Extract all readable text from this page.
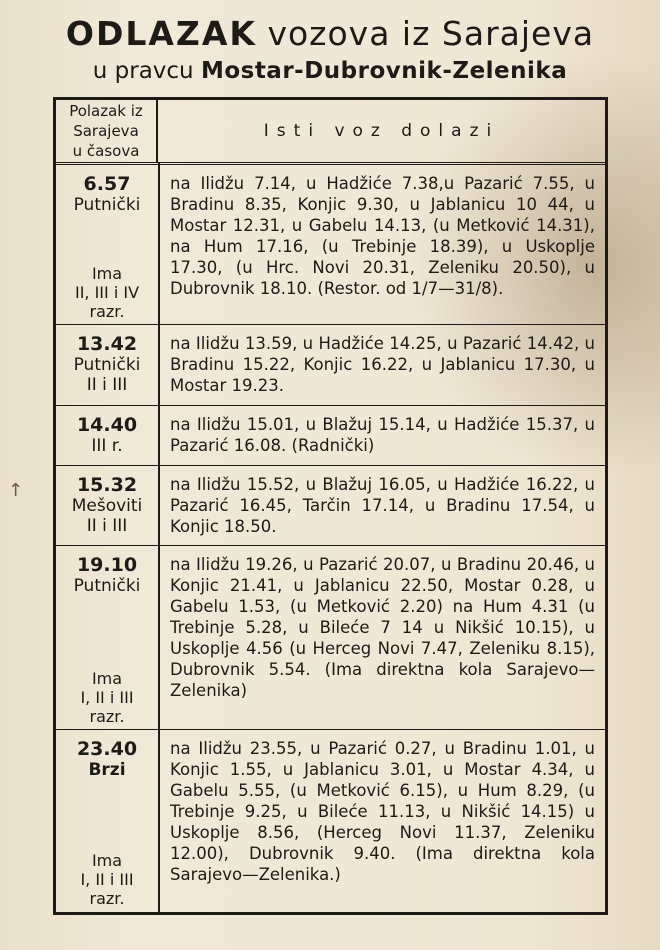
ODLAZAK vozova iz Sarajeva
u pravcu Mostar-Dubrovnik-Zelenika
↑
Polazak iz
Sarajeva
u časova
Isti voz dolazi
6.57
Putnički
Ima
II, III i IV
razr.
na Ilidžu 7.14, u Hadžiće 7.38,u Pazarić 7.55, u Bradinu 8.35, Konjic 9.30, u Jablanicu 10 44, u Mostar 12.31, u Gabelu 14.13, (u Metković 14.31), na Hum 17.16, (u Trebinje 18.39), u Uskoplje 17.30, (u Hrc. Novi 20.31, Zeleniku 20.50), u Dubrovnik 18.10. (Restor. od 1/7—31/8).
13.42
Putnički
II i III
na Ilidžu 13.59, u Hadžiće 14.25, u Pazarić 14.42, u Bradinu 15.22, Konjic 16.22, u Jablanicu 17.30, u Mostar 19.23.
14.40
III r.
na Ilidžu 15.01, u Blažuj 15.14, u Hadžiće 15.37, u Pazarić 16.08. (Radnički)
15.32
Mešoviti
II i III
na Ilidžu 15.52, u Blažuj 16.05, u Hadžiće 16.22, u Pazarić 16.45, Tarčin 17.14, u Bradinu 17.54, u Konjic 18.50.
19.10
Putnički
Ima
I, II i III
razr.
na Ilidžu 19.26, u Pazarić 20.07, u Bradinu 20.46, u Konjic 21.41, u Jablanicu 22.50, Mostar 0.28, u Gabelu 1.53, (u Metković 2.20) na Hum 4.31 (u Trebinje 5.28, u Bileće 7 14 u Nikšić 10.15), u Uskoplje 4.56 (u Herceg Novi 7.47, Zeleniku 8.15), Dubrovnik 5.54. (Ima direktna kola Sarajevo—Zelenika)
23.40
Brzi
Ima
I, II i III
razr.
na Ilidžu 23.55, u Pazarić 0.27, u Bradinu 1.01, u Konjic 1.55, u Jablanicu 3.01, u Mostar 4.34, u Gabelu 5.55, (u Metković 6.15), u Hum 8.29, (u Trebinje 9.25, u Bileće 11.13, u Nikšić 14.15) u Uskoplje 8.56, (Herceg Novi 11.37, Zeleniku 12.00), Dubrovnik 9.40. (Ima direktna kola Sarajevo—Zelenika.)
